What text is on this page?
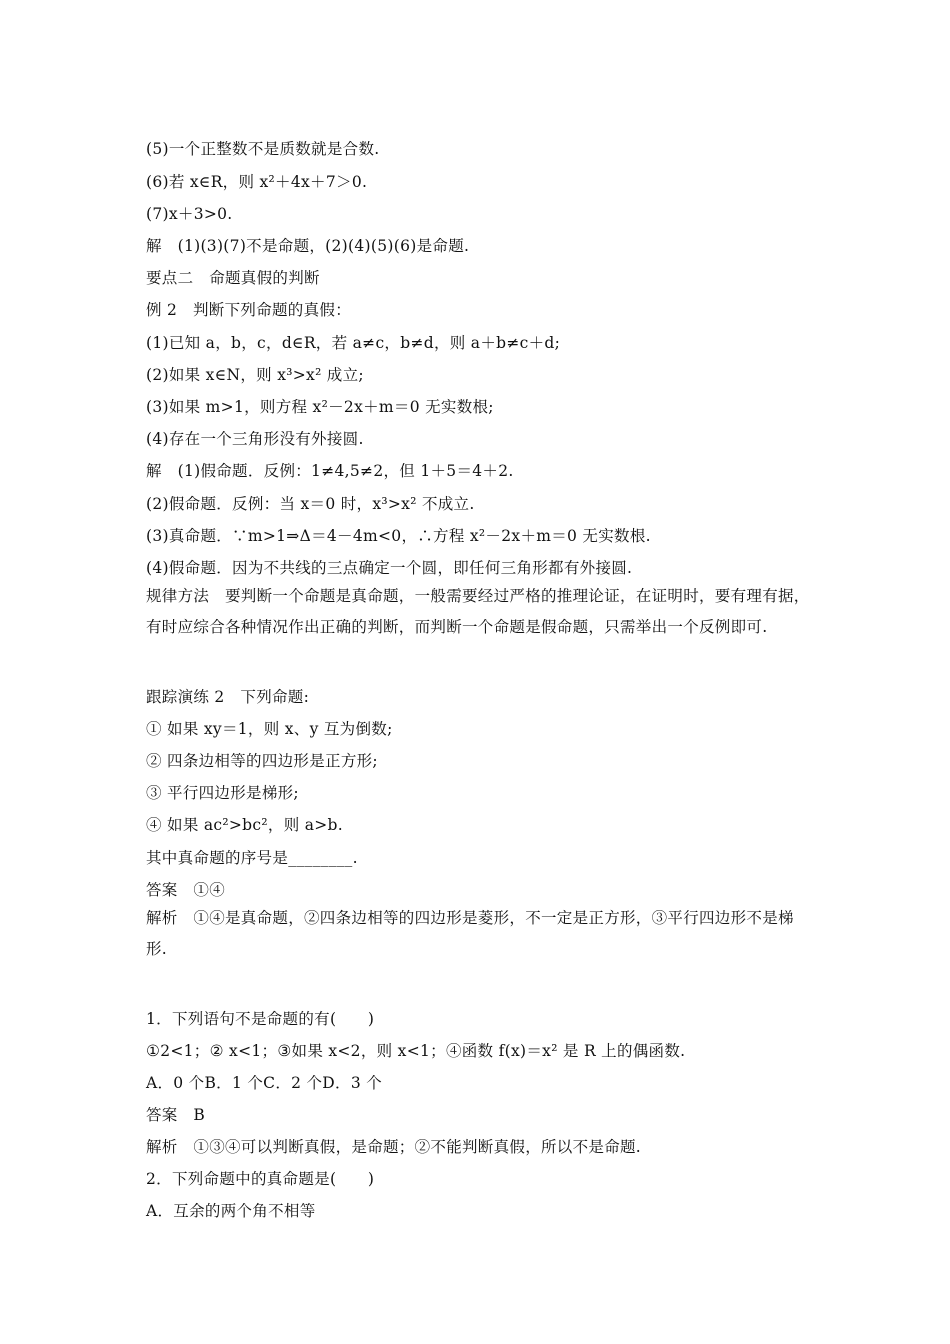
(5)一个正整数不是质数就是合数.
(6)若 x∈R，则 x²＋4x＋7＞0.
(7)x＋3>0.
解　(1)(3)(7)不是命题，(2)(4)(5)(6)是命题.
要点二　命题真假的判断
例 2　判断下列命题的真假：
(1)已知 a，b，c，d∈R，若 a≠c，b≠d，则 a＋b≠c＋d;
(2)如果 x∈N，则 x³>x² 成立;
(3)如果 m>1，则方程 x²－2x＋m＝0 无实数根;
(4)存在一个三角形没有外接圆.
解　(1)假命题．反例：1≠4,5≠2，但 1＋5＝4＋2.
(2)假命题．反例：当 x＝0 时，x³>x² 不成立.
(3)真命题．∵m>1⇒Δ＝4－4m<0，∴方程 x²－2x＋m＝0 无实数根.
(4)假命题．因为不共线的三点确定一个圆，即任何三角形都有外接圆.
规律方法　要判断一个命题是真命题，一般需要经过严格的推理论证，在证明时，要有理有据，有时应综合各种情况作出正确的判断，而判断一个命题是假命题，只需举出一个反例即可.
跟踪演练 2　下列命题:
① 如果 xy＝1，则 x、y 互为倒数;
② 四条边相等的四边形是正方形;
③ 平行四边形是梯形;
④ 如果 ac²>bc²，则 a>b.
其中真命题的序号是________.
答案　①④
解析　①④是真命题，②四条边相等的四边形是菱形，不一定是正方形，③平行四边形不是梯形.
1．下列语句不是命题的有(　　)
①2<1；② x<1；③如果 x<2，则 x<1；④函数 f(x)＝x² 是 R 上的偶函数.
A．0 个B．1 个C．2 个D．3 个
答案　B
解析　①③④可以判断真假，是命题；②不能判断真假，所以不是命题.
2．下列命题中的真命题是(　　)
A．互余的两个角不相等
